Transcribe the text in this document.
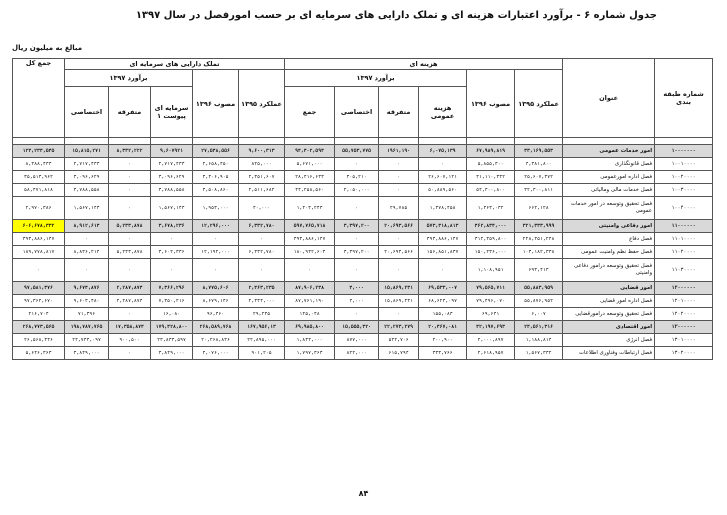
جدول شماره ۶ - برآورد اعتبارات هزینه ای و تملک دارایی های سرمایه ای بر حسب امورفصل در سال ۱۳۹۷
مبالغ به میلیون ریال
شماره طبقه بندی	عنوان	هزینه ای						تملک دارایی های سرمایه ای					جمع کل
		عملکرد ۱۳۹۵	مصوب ۱۳۹۶	برآورد ۱۳۹۷				عملکرد ۱۳۹۵	مصوب ۱۳۹۶	برآورد ۱۳۹۷			
				هزینه عمومی	متفرقه	اختصاصی	جمع			سرمایه ای پیوست ۱	متفرقه	اختصاصی	

۱۰۰۰۰۰۰۰	امور خدمات عمومی	۳۳,۱۶۹,۵۵۳	۶۷,۹۸۹,۸۱۹	۶,۰۷۵,۱۳۹	۱۹۶۱,۱۹۰	۵۵,۷۵۳,۷۷۵	۹۴,۴۰۲,۵۹۴	۹,۶۰۰,۳۱۳	۲۷,۵۴۸,۵۵۶	۹,۶۰۷۹۲۱	۸,۳۳۲,۲۲۲	۱۵,۸۱۵,۲۷۱	۱۲۴,۲۳۴,۵۴۵
۱۰۰۱۰۰۰۰	فصل قانونگذاری	۴,۳۸۱,۸۰۰	۵,۸۵۵,۳۰۰	۰	۰	۰	۵,۶۷۱,۰۰۰	۸۲۵,۰۰۰	۲,۶۵۸,۴۵۰	۲,۷۱۷,۴۳۳	۰	۲,۷۱۷,۴۳۳	۸,۳۸۸,۴۳۳
۱۰۰۲۰۰۰۰	فصل اداره امورعمومی	۲۵,۶۰۷,۳۷۲	۳۱,۱۱۰,۳۳۲	۲۶,۶۰۷,۱۲۱	۰	۳۰۵,۲۱۰	۲۸,۴۱۶,۶۳۳	۲,۳۵۱,۶۰۷	۳,۴۰۶,۹۰۵	۳,۰۹۶,۶۲۹	۰	۳,۰۹۶,۶۲۹	۳۵,۵۱۳,۹۶۲
۱۰۰۳۰۰۰۰	فصل خدمات مالی ومالیاتی	۳۲,۳۰۰,۸۱۱	۵۴,۳۰۰,۸۰۰	۵۰,۸۸۹,۵۶۰	۰	۲,۰۵۰,۰۰۰	۴۴,۲۵۸,۵۶۰	۲,۵۱۱,۶۸۲	۳,۵۰۸,۸۶۰	۳,۷۸۸,۵۵۸	۰	۳,۷۸۸,۵۵۸	۵۸,۴۷۱,۸۱۸
۱۰۰۴۰۰۰۰	فصل تحقیق وتوسعه در امور خدمات عمومی	۶۶۲,۱۲۸	۱,۴۶۳,۰۳۲	۱,۳۷۸,۴۵۸	۲۹,۷۸۵	۰	۱,۴۰۳,۲۴۳	۴۰,۰۰۰	۱,۹۵۳,۰۰۰	۱,۵۶۷,۱۴۳	۰	۱,۵۶۷,۱۴۳	۲,۹۷۰,۳۸۶
۱۱۰۰۰۰۰۰	امور دفاعی وامنیتی	۳۲۱,۳۳۳,۹۹۹	۴۶۲,۸۳۴,۰۰۰	۵۷۳,۳۱۸,۸۱۳	۲۰,۶۹۳,۵۶۶	۳,۳۹۷,۲۰۰	۵۹۷,۷۶۵,۷۱۸	۶,۳۳۲,۷۸۰	۱۲,۲۹۶,۰۰۰	۳,۶۷۸,۲۳۶	۵,۲۳۳,۸۷۸	۸,۹۱۲,۶۱۴	۶۰۶,۶۷۸,۳۳۲
۱۱۰۱۰۰۰۰	فصل دفاع	۲۲۸,۴۵۱,۲۴۸	۳۱۲,۳۵۹,۸۰۰	۳۹۳,۸۸۶,۱۴۷	۰	۰	۳۹۳,۸۸۶,۱۴۷	۰	۰	۰	۰	۰	۳۹۳,۸۸۶,۱۴۷
۱۱۰۲۰۰۰۰	فصل حفظ نظم وامنیت عمومی	۱۰۳,۱۸۲,۳۳۸	۱۵۰,۲۳۶,۰۰۰	۱۵۶,۸۵۱,۸۳۷	۲۰,۶۹۳,۵۶۶	۳,۳۹۷,۲۰۰	۱۸۰,۹۴۲,۶۰۳	۶,۳۳۲,۷۸۰	۱۲,۱۹۲,۰۰۰	۳,۶۰۲,۳۳۶	۵,۲۳۳,۸۷۸	۸,۸۳۶,۲۱۴	۱۸۹,۷۷۸,۸۱۷
۱۱۰۳۰۰۰۰	فصل تحقیق وتوسعه درامور دفاعی وامنیتی	۶۹۳,۴۱۳	۱,۱۰۸,۹۵۱	۰	۰	۰	۰	۰	۰	۰	۰	۰	۰
۱۲۰۰۰۰۰۰	امور قضایی	۵۵,۸۸۳,۹۵۹	۷۹,۵۶۵,۷۱۱	۶۹,۵۳۳,۰۰۷	۱۵,۸۶۹,۲۳۱	۴,۰۰۰	۸۷,۹۰۶,۲۳۸	۲,۴۶۳,۲۳۵	۸,۷۷۵,۶۰۶	۷,۳۶۶,۲۹۶	۲,۲۸۷,۸۷۴	۹,۶۷۴,۸۷۶	۹۷,۵۸۱,۳۷۶
۱۲۰۱۰۰۰۰	فصل اداره امور قضایی	۵۵,۸۷۶,۹۵۲	۷۹,۴۹۶,۰۷۰	۶۸,۶۲۴,۰۹۷	۱۵,۸۶۹,۲۳۱	۴,۰۰۰	۸۷,۷۶۱,۱۹۰	۲,۴۳۴,۰۰۰	۸,۶۷۹,۱۴۶	۷,۳۵۰,۲۱۶	۲,۲۸۷,۸۷۴	۹,۶۰۳,۴۸۰	۹۷,۳۶۴,۶۷۰
۱۲۰۲۰۰۰۰	فصل تحقیق وتوسعه درامورقضایی	۶,۰۰۷	۶۹,۶۴۱	۱۵۵,۰۸۳	۰	۰	۱۴۵,۰۴۸	۲۹,۲۳۵	۹۶,۴۶۰	۱۶,۰۸۰	۰	۷۱,۳۹۶	۲۱۶,۷۰۴
۱۳۰۰۰۰۰۰	امور اقتصادی	۲۴,۵۶۱,۳۱۶	۴۲,۱۹۷,۶۹۳	۲۰,۴۶۷,۰۸۱	۲۲,۲۷۳,۲۷۹	۱۵,۵۵۵,۳۲۰	۶۹,۹۸۵,۸۰۰	۱۶۷,۹۵۶,۱۳	۲۶۸,۵۸۹,۷۶۸	۱۷۹,۴۲۸,۸۰۰	۱۷,۳۵۸,۸۷۴	۱۹۸,۷۸۷,۷۶۵	۲۶۸,۷۷۳,۵۶۵
۱۳۰۱۰۰۰۰	فصل انرژی	۱,۱۸۸,۸۱۴	۲,۰۰۰,۸۹۷	۲۰۰,۹۰۰	۵۲۲,۷۰۶	۸۷۷,۰۰۰	۱,۸۳۴,۰۰۰	۲۲,۸۹۵,۰۰۰	۲۰,۲۶۸,۸۳۶	۲۳,۸۳۳,۵۹۷	۹۰۰,۵۰۰	۲۴,۷۳۴,۰۹۷	۲۶,۵۶۸,۳۴۶
۱۳۰۲۰۰۰۰	فصل ارتباطات وفناوری اطلاعات	۱,۵۶۷,۳۳۲	۲,۶۱۸,۹۵۷	۳۳۳,۷۶۶	۶۱۵,۷۹۴	۸۲۲,۰۰۰	۱,۷۹۷,۳۶۳	۹۰۱,۲۰۵	۴,۰۷۶,۰۰۰	۳,۸۴۹,۰۰۰	۰	۳,۸۴۹,۰۰۰	۵,۶۴۶,۳۶۳
۸۴
